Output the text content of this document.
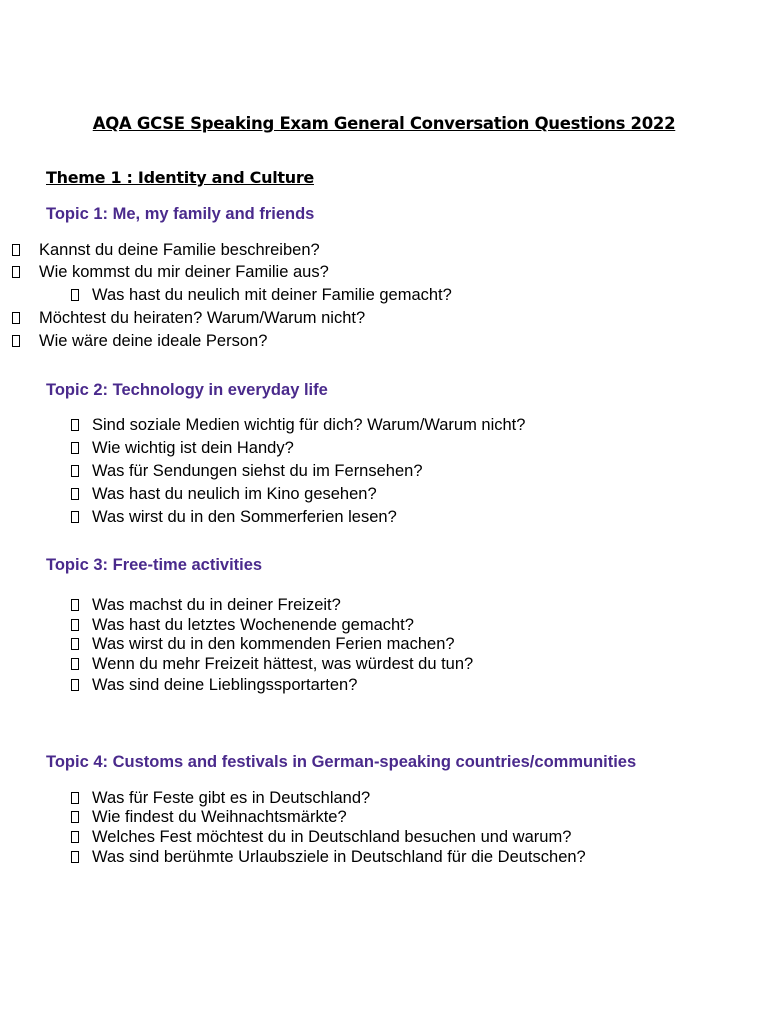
AQA GCSE Speaking Exam General Conversation Questions 2022
Theme 1 : Identity and Culture
Topic 1: Me, my family and friends
Kannst du deine Familie beschreiben?
Wie kommst du mir deiner Familie aus?
Was hast du neulich mit deiner Familie gemacht?
Möchtest du heiraten? Warum/Warum nicht?
Wie wäre deine ideale Person?
Topic 2: Technology in everyday life
Sind soziale Medien wichtig für dich? Warum/Warum nicht?
Wie wichtig ist dein Handy?
Was für Sendungen siehst du im Fernsehen?
Was hast du neulich im Kino gesehen?
Was wirst du in den Sommerferien lesen?
Topic 3: Free-time activities
Was machst du in deiner Freizeit?
Was hast du letztes Wochenende gemacht?
Was wirst du in den kommenden Ferien machen?
Wenn du mehr Freizeit hättest, was würdest du tun?
Was sind deine Lieblingssportarten?
Topic 4: Customs and festivals in German-speaking countries/communities
Was für Feste gibt es in Deutschland?
Wie findest du Weihnachtsmärkte?
Welches Fest möchtest du in Deutschland besuchen und warum?
Was sind berühmte Urlaubsziele in Deutschland für die Deutschen?
